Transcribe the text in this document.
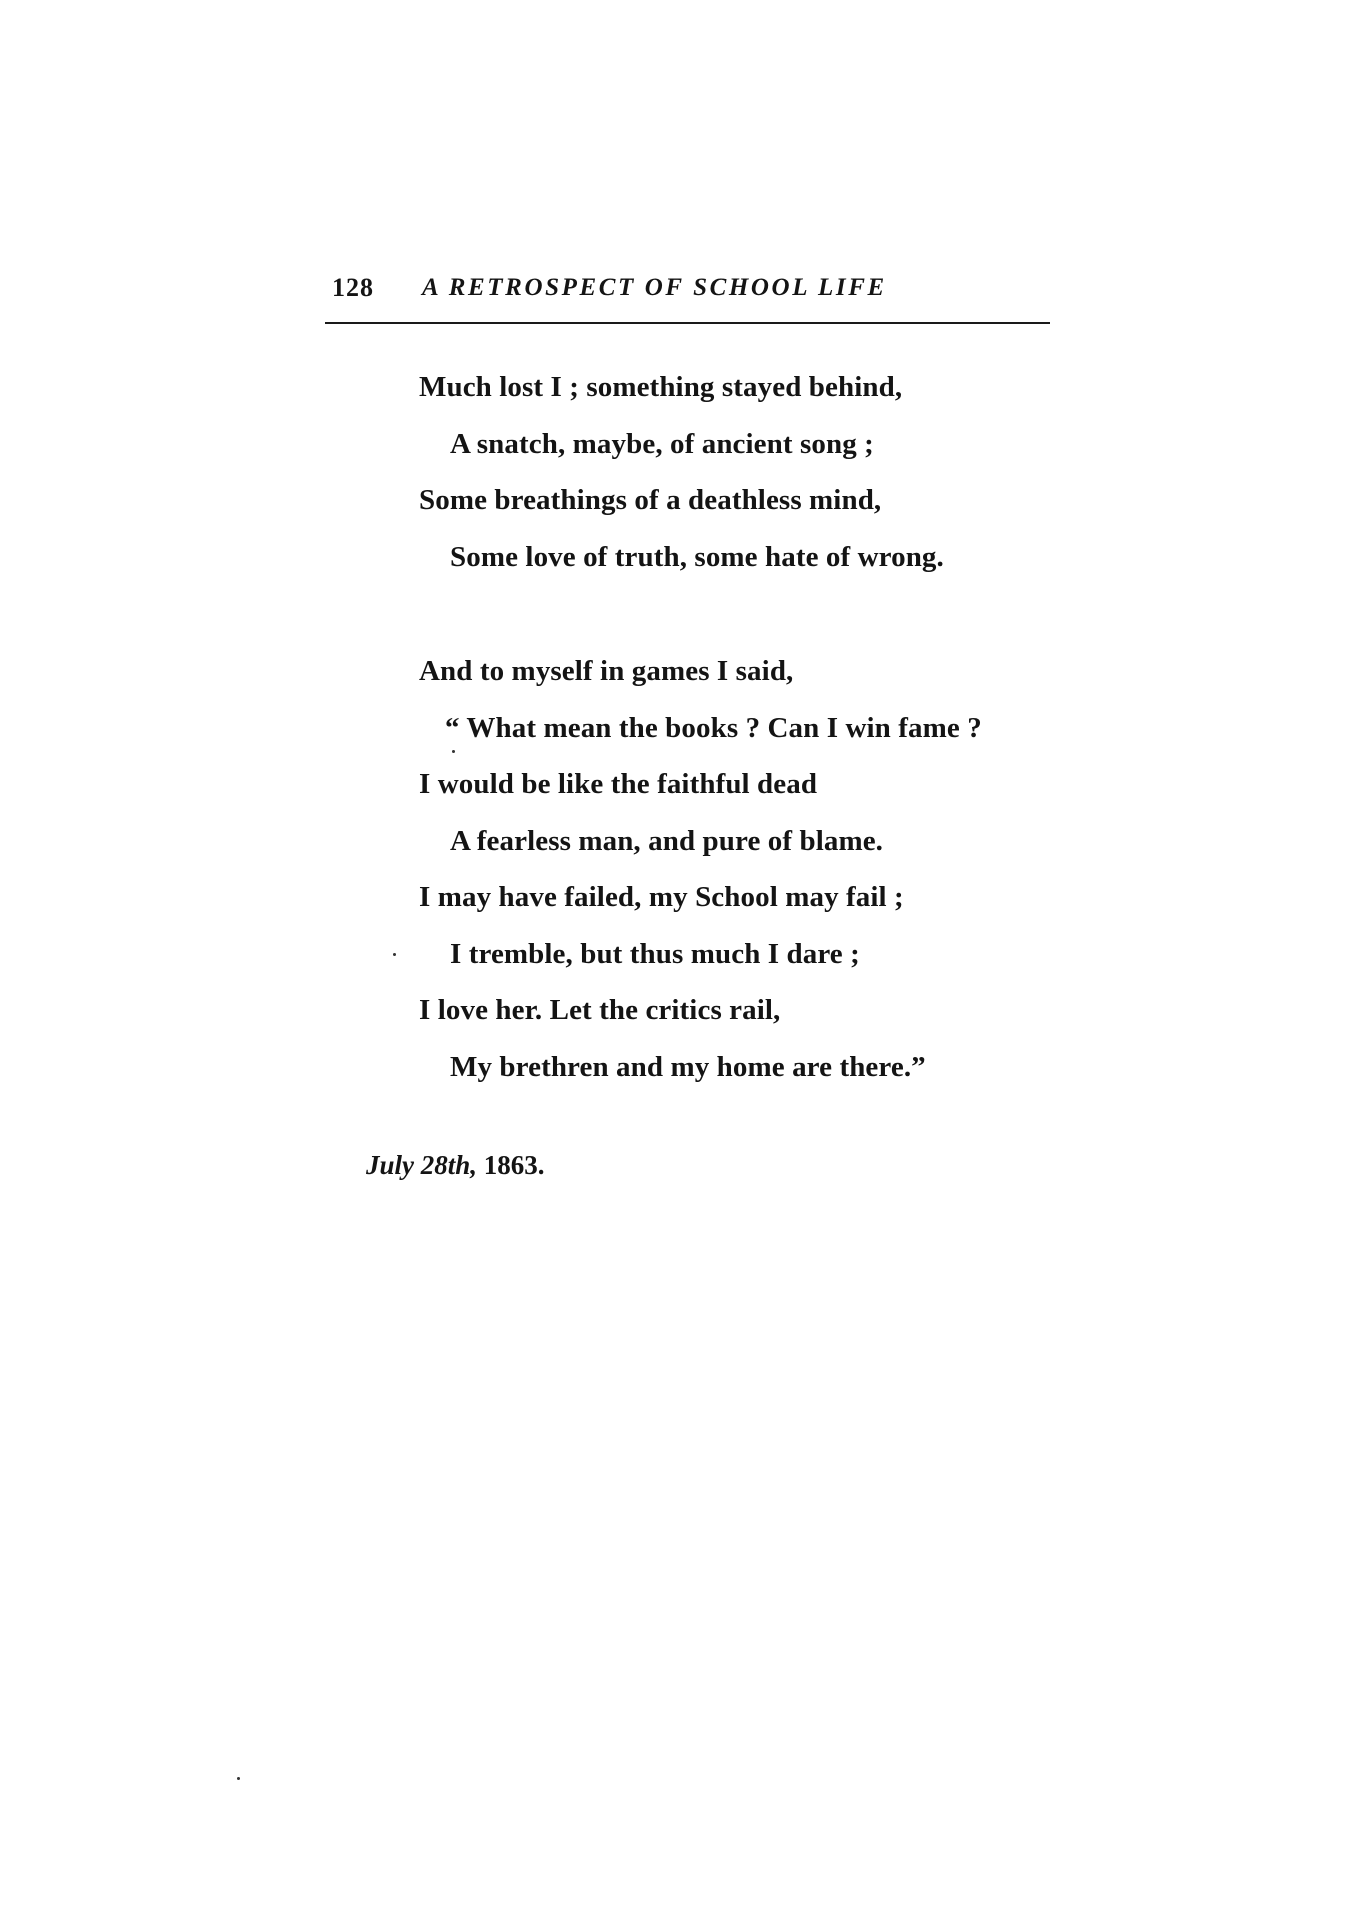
128 A RETROSPECT OF SCHOOL LIFE
Much lost I ; something stayed behind,
A snatch, maybe, of ancient song ;
Some breathings of a deathless mind,
Some love of truth, some hate of wrong.
And to myself in games I said,
“ What mean the books ? Can I win fame ?
I would be like the faithful dead
A fearless man, and pure of blame.
I may have failed, my School may fail ;
I tremble, but thus much I dare ;
I love her. Let the critics rail,
My brethren and my home are there.”
July 28th, 1863.
